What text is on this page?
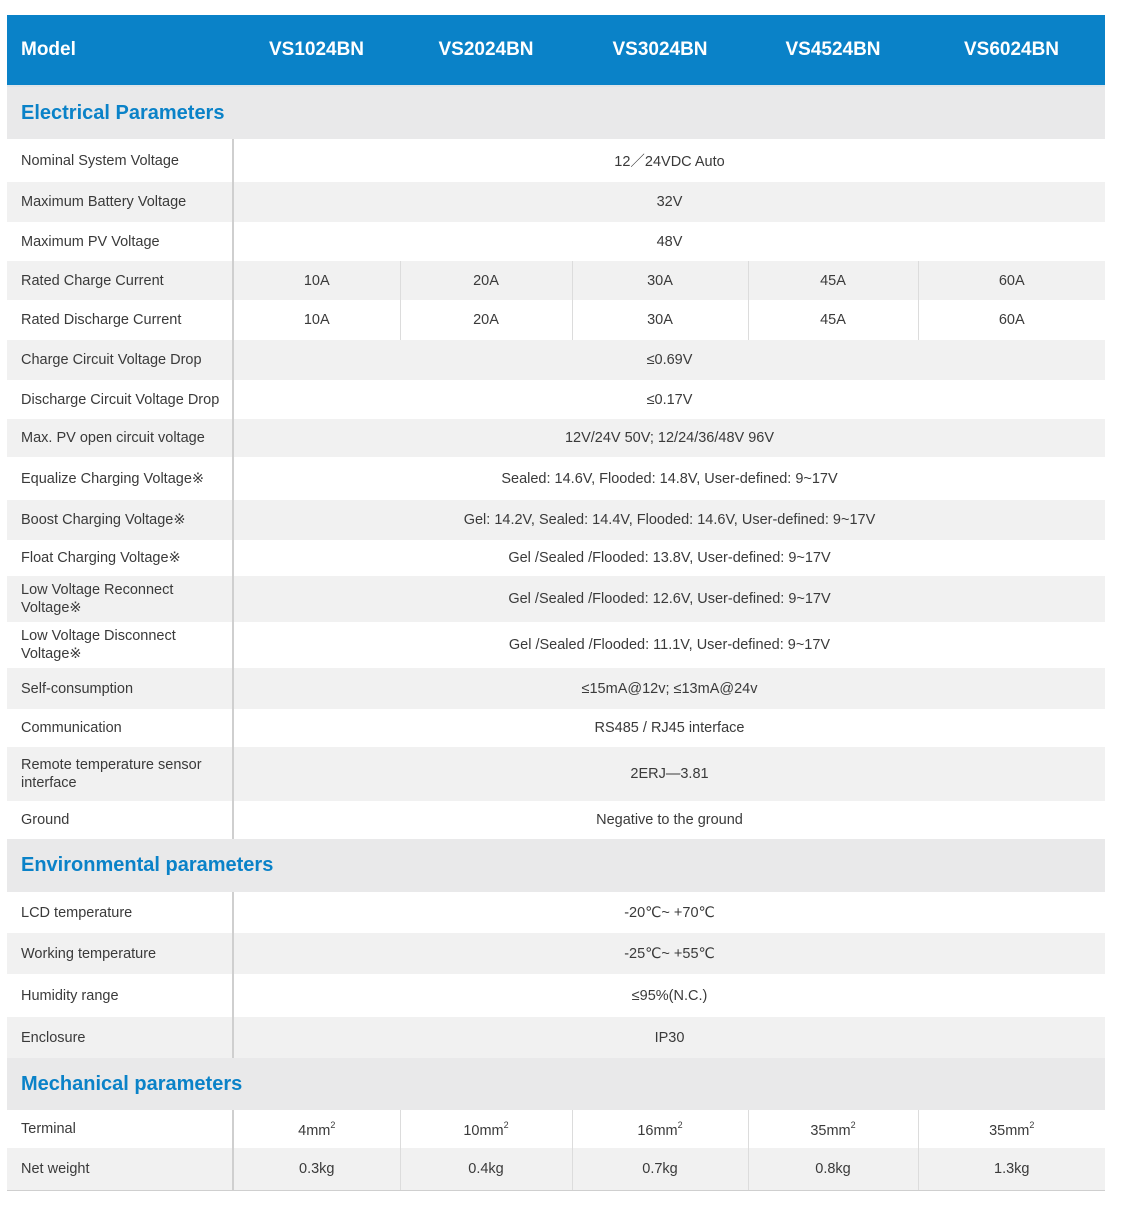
Model	VS1024BN	VS2024BN	VS3024BN	VS4524BN	VS6024BN
Electrical Parameters					
Nominal System Voltage	12／24VDC Auto				
Maximum Battery Voltage	32V				
Maximum PV Voltage	48V				
Rated Charge Current	10A	20A	30A	45A	60A
Rated Discharge Current	10A	20A	30A	45A	60A
Charge Circuit Voltage Drop	≤0.69V				
Discharge Circuit Voltage Drop	≤0.17V				
Max. PV open circuit voltage	12V/24V 50V; 12/24/36/48V 96V				
Equalize Charging Voltage※	Sealed: 14.6V, Flooded: 14.8V, User-defined: 9~17V				
Boost Charging Voltage※	Gel: 14.2V, Sealed: 14.4V, Flooded: 14.6V, User-defined: 9~17V				
Float Charging Voltage※	Gel /Sealed /Flooded: 13.8V, User-defined: 9~17V				
Low Voltage Reconnect
Voltage※	Gel /Sealed /Flooded: 12.6V, User-defined: 9~17V				
Low Voltage Disconnect
Voltage※	Gel /Sealed /Flooded: 11.1V, User-defined: 9~17V				
Self-consumption	≤15mA@12v; ≤13mA@24v				
Communication	RS485 / RJ45 interface				
Remote temperature sensor
interface	2ERJ—3.81				
Ground	Negative to the ground				
Environmental parameters					
LCD temperature	-20℃~ +70℃				
Working temperature	-25℃~ +55℃				
Humidity range	≤95%(N.C.)				
Enclosure	IP30				
Mechanical parameters					
Terminal	$4mm^2$	$10mm^2$	$16mm^2$	$35mm^2$	$35mm^2$
Net weight	0.3kg	0.4kg	0.7kg	0.8kg	1.3kg
